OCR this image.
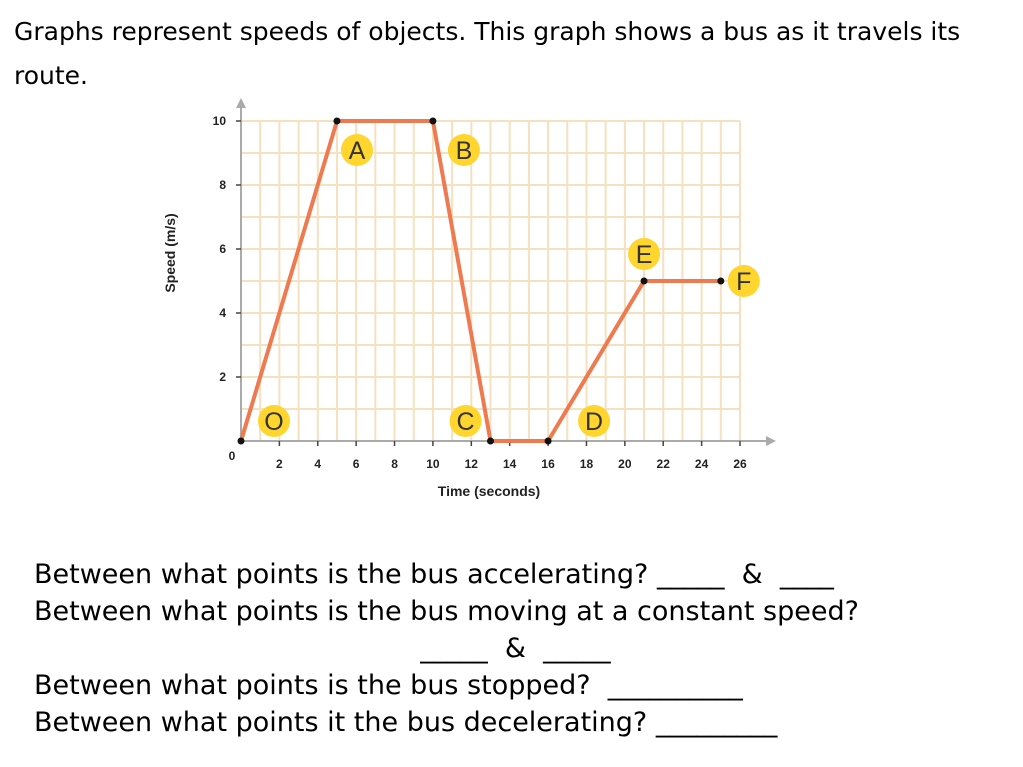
Graphs represent speeds of objects. This graph shows a bus as it travels its
route.
2	4	6	8 10 12 14 16 18 20 22 24 26
2
4
6
8
10
O
A	B
C	D
E
F
Time (seconds)
Speed (m/s)
0
Between what points is the bus accelerating? _____  &  ____
Between what points is the bus moving at a constant speed?
_____  &  _____
Between what points is the bus stopped?  __________
Between what points it the bus decelerating? _________
